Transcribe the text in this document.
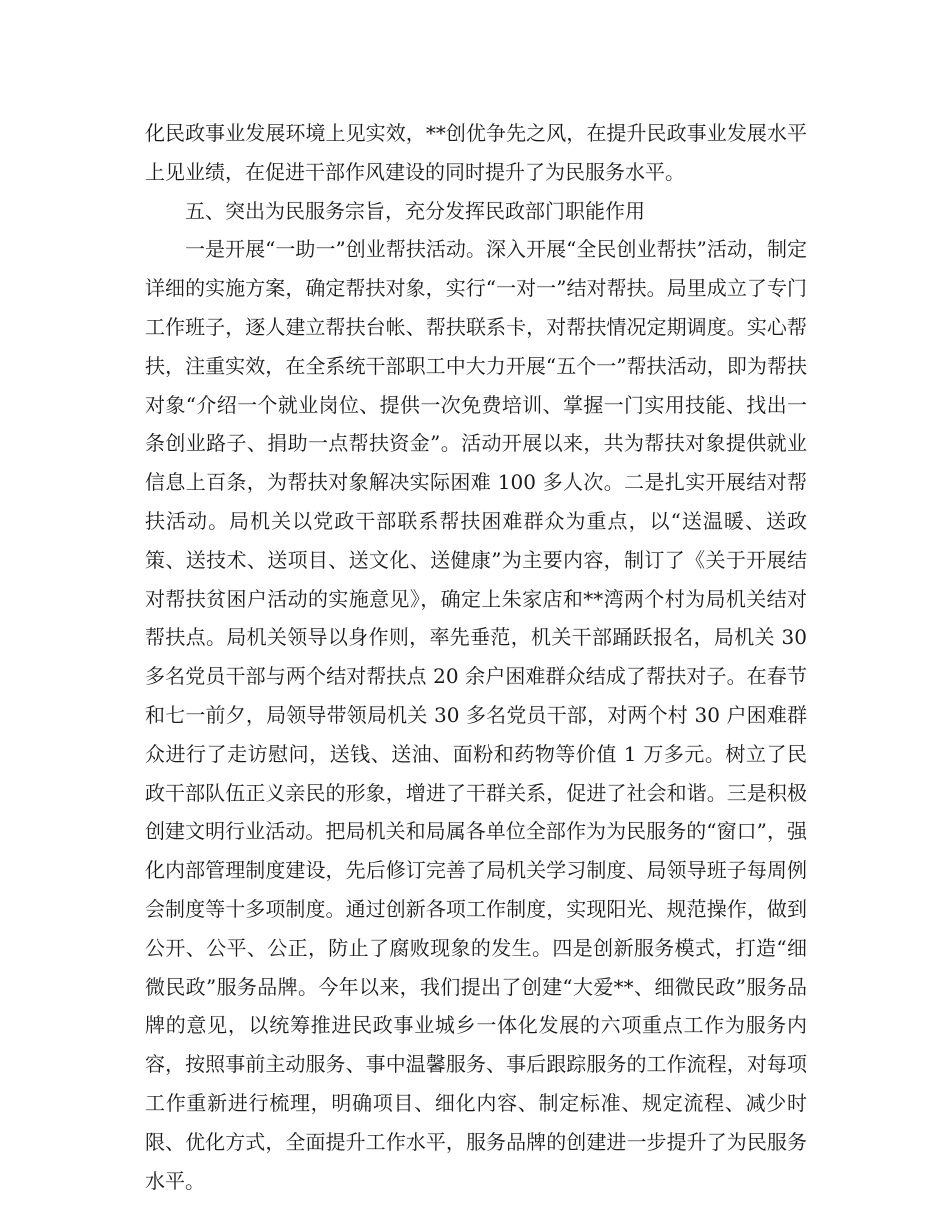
化民政事业发展环境上见实效，**创优争先之风，在提升民政事业发展水平上见业绩，在促进干部作风建设的同时提升了为民服务水平。

五、突出为民服务宗旨，充分发挥民政部门职能作用

一是开展“一助一”创业帮扶活动。深入开展“全民创业帮扶”活动，制定详细的实施方案，确定帮扶对象，实行“一对一”结对帮扶。局里成立了专门工作班子，逐人建立帮扶台帐、帮扶联系卡，对帮扶情况定期调度。实心帮扶，注重实效，在全系统干部职工中大力开展“五个一”帮扶活动，即为帮扶对象“介绍一个就业岗位、提供一次免费培训、掌握一门实用技能、找出一条创业路子、捐助一点帮扶资金”。活动开展以来，共为帮扶对象提供就业信息上百条，为帮扶对象解决实际困难 100 多人次。二是扎实开展结对帮扶活动。局机关以党政干部联系帮扶困难群众为重点，以“送温暖、送政策、送技术、送项目、送文化、送健康”为主要内容，制订了《关于开展结对帮扶贫困户活动的实施意见》，确定上朱家店和**湾两个村为局机关结对帮扶点。局机关领导以身作则，率先垂范，机关干部踊跃报名，局机关 30 多名党员干部与两个结对帮扶点 20 余户困难群众结成了帮扶对子。在春节和七一前夕，局领导带领局机关 30 多名党员干部，对两个村 30 户困难群众进行了走访慰问，送钱、送油、面粉和药物等价值 1 万多元。树立了民政干部队伍正义亲民的形象，增进了干群关系，促进了社会和谐。三是积极创建文明行业活动。把局机关和局属各单位全部作为为民服务的“窗口”，强化内部管理制度建设，先后修订完善了局机关学习制度、局领导班子每周例会制度等十多项制度。通过创新各项工作制度，实现阳光、规范操作，做到公开、公平、公正，防止了腐败现象的发生。四是创新服务模式，打造“细微民政”服务品牌。今年以来，我们提出了创建“大爱**、细微民政”服务品牌的意见，以统筹推进民政事业城乡一体化发展的六项重点工作为服务内容，按照事前主动服务、事中温馨服务、事后跟踪服务的工作流程，对每项工作重新进行梳理，明确项目、细化内容、制定标准、规定流程、减少时限、优化方式，全面提升工作水平，服务品牌的创建进一步提升了为民服务水平。
